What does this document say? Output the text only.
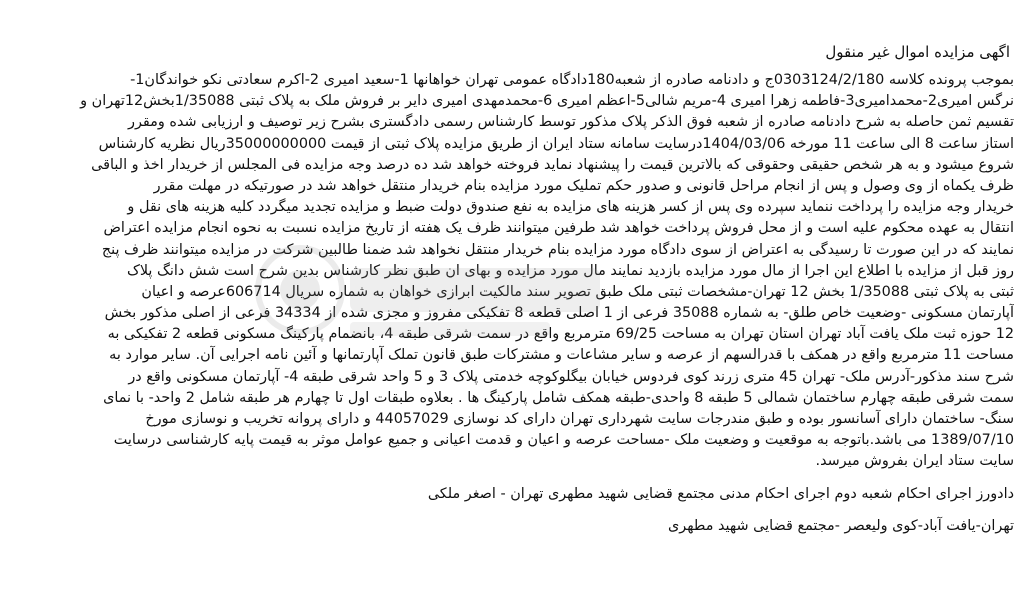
اگهی مزایده اموال غیر منقول
بموجب پرونده کلاسه 0303124/2/180ج و دادنامه صادره از شعبه180دادگاه عمومی تهران خواهانها 1-سعید امیری 2-اکرم سعادتی نکو خواندگان1-
نرگس امیری2-محمدامیری3-فاطمه زهرا امیری 4-مریم شالی5-اعظم امیری 6-محمدمهدی امیری دایر بر فروش ملک به پلاک ثبتی 1/35088بخش12تهران و
تقسیم ثمن حاصله به شرح دادنامه صادره از شعبه فوق الذکر پلاک مذکور توسط کارشناس رسمی دادگستری بشرح زیر توصیف و ارزیابی شده ومقرر
استاز ساعت 8 الی ساعت 11 مورخه 1404/03/06درسایت سامانه ستاد ایران از طریق مزایده پلاک ثبتی از قیمت 35000000000ریال نظریه کارشناس
شروع میشود و به هر شخص حقیقی وحقوقی که بالاترین قیمت را پیشنهاد نماید فروخته خواهد شد ده درصد وجه مزایده فی المجلس از خریدار اخذ و الباقی
ظرف یکماه از وی وصول و پس از انجام مراحل قانونی و صدور حکم تملیک مورد مزایده بنام خریدار منتقل خواهد شد در صورتیکه در مهلت مقرر
خریدار وجه مزایده را پرداخت ننماید سپرده وی پس از کسر هزینه های مزایده به نفع صندوق دولت ضبط و مزایده تجدید میگردد کلیه هزینه های نقل و
انتقال به عهده محکوم علیه است و از محل فروش پرداخت خواهد شد طرفین میتوانند ظرف یک هفته از تاریخ مزایده نسبت به نحوه انجام مزایده اعتراض
نمایند که در این صورت تا رسیدگی به اعتراض از سوی دادگاه مورد مزایده بنام خریدار منتقل نخواهد شد ضمنا طالبین شرکت در مزایده میتوانند ظرف پنج
روز قبل از مزایده با اطلاع این اجرا از مال مورد مزایده بازدید نمایند مال مورد مزایده و بهای ان طبق نظر کارشناس بدین شرح است شش دانگ پلاک
ثبتی به پلاک ثبتی 1/35088 بخش 12 تهران-مشخصات ثبتی ملک طبق تصویر سند مالکیت ابرازی خواهان به شماره سریال 606714عرصه و اعیان
آپارتمان مسکونی -وضعیت خاص طلق- به شماره 35088 فرعی از 1 اصلی قطعه 8 تفکیکی مفروز و مجزی شده از 34334 فرعی از اصلی مذکور بخش
12 حوزه ثبت ملک یافت آباد تهران استان تهران به مساحت 69/25 مترمربع واقع در سمت شرقی طبقه 4، بانضمام پارکینگ مسکونی قطعه 2 تفکیکی به
مساحت 11 مترمربع واقع در همکف با قدرالسهم از عرصه و سایر مشاعات و مشترکات طبق قانون تملک آپارتمانها و آئین نامه اجرایی آن. سایر موارد به
شرح سند مذکور-آدرس ملک- تهران 45 متری زرند کوی فردوس خیابان بیگلوکوچه خدمتی پلاک 3 و 5 واحد شرقی طبقه 4- آپارتمان مسکونی واقع در
سمت شرقی طبقه چهارم ساختمان شمالی 5 طبقه 8 واحدی-طبقه همکف شامل پارکینگ ها . بعلاوه طبقات اول تا چهارم هر طبقه شامل 2 واحد- با نمای
سنگ- ساختمان دارای آسانسور بوده و طبق مندرجات سایت شهرداری تهران دارای کد نوسازی 44057029 و دارای پروانه تخریب و نوسازی مورخ
1389/07/10 می باشد.باتوجه به موقعیت و وضعیت ملک -مساحت عرصه و اعیان و قدمت اعیانی و جمیع عوامل موثر به قیمت پایه کارشناسی درسایت
سایت ستاد ایران بفروش میرسد.
دادورز اجرای احکام شعبه دوم اجرای احکام مدنی مجتمع قضایی شهید مطهری تهران - اصغر ملکی
تهران-یافت آباد-کوی ولیعصر -مجتمع قضایی شهید مطهری
